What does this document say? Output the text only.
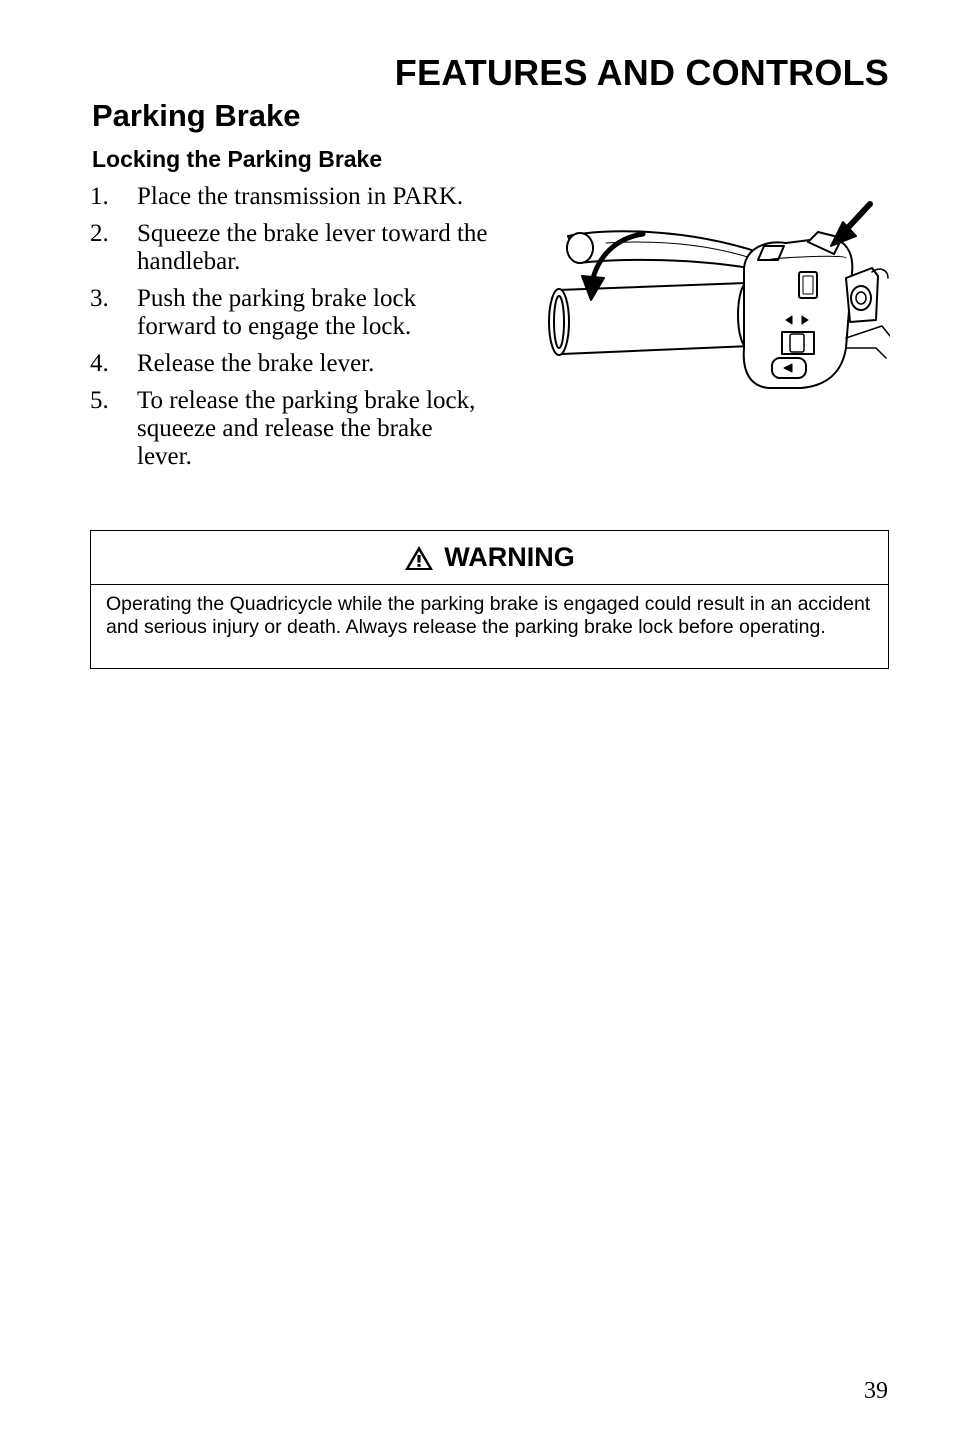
FEATURES AND CONTROLS
Parking Brake
Locking the Parking Brake
1. Place the transmission in PARK.
2. Squeeze the brake lever toward the handlebar.
3. Push the parking brake lock forward to engage the lock.
4. Release the brake lever.
5. To release the parking brake lock, squeeze and release the brake lever.
WARNING
Operating the Quadricycle while the parking brake is engaged could result in an accident and serious injury or death. Always release the parking brake lock before operating.
39
